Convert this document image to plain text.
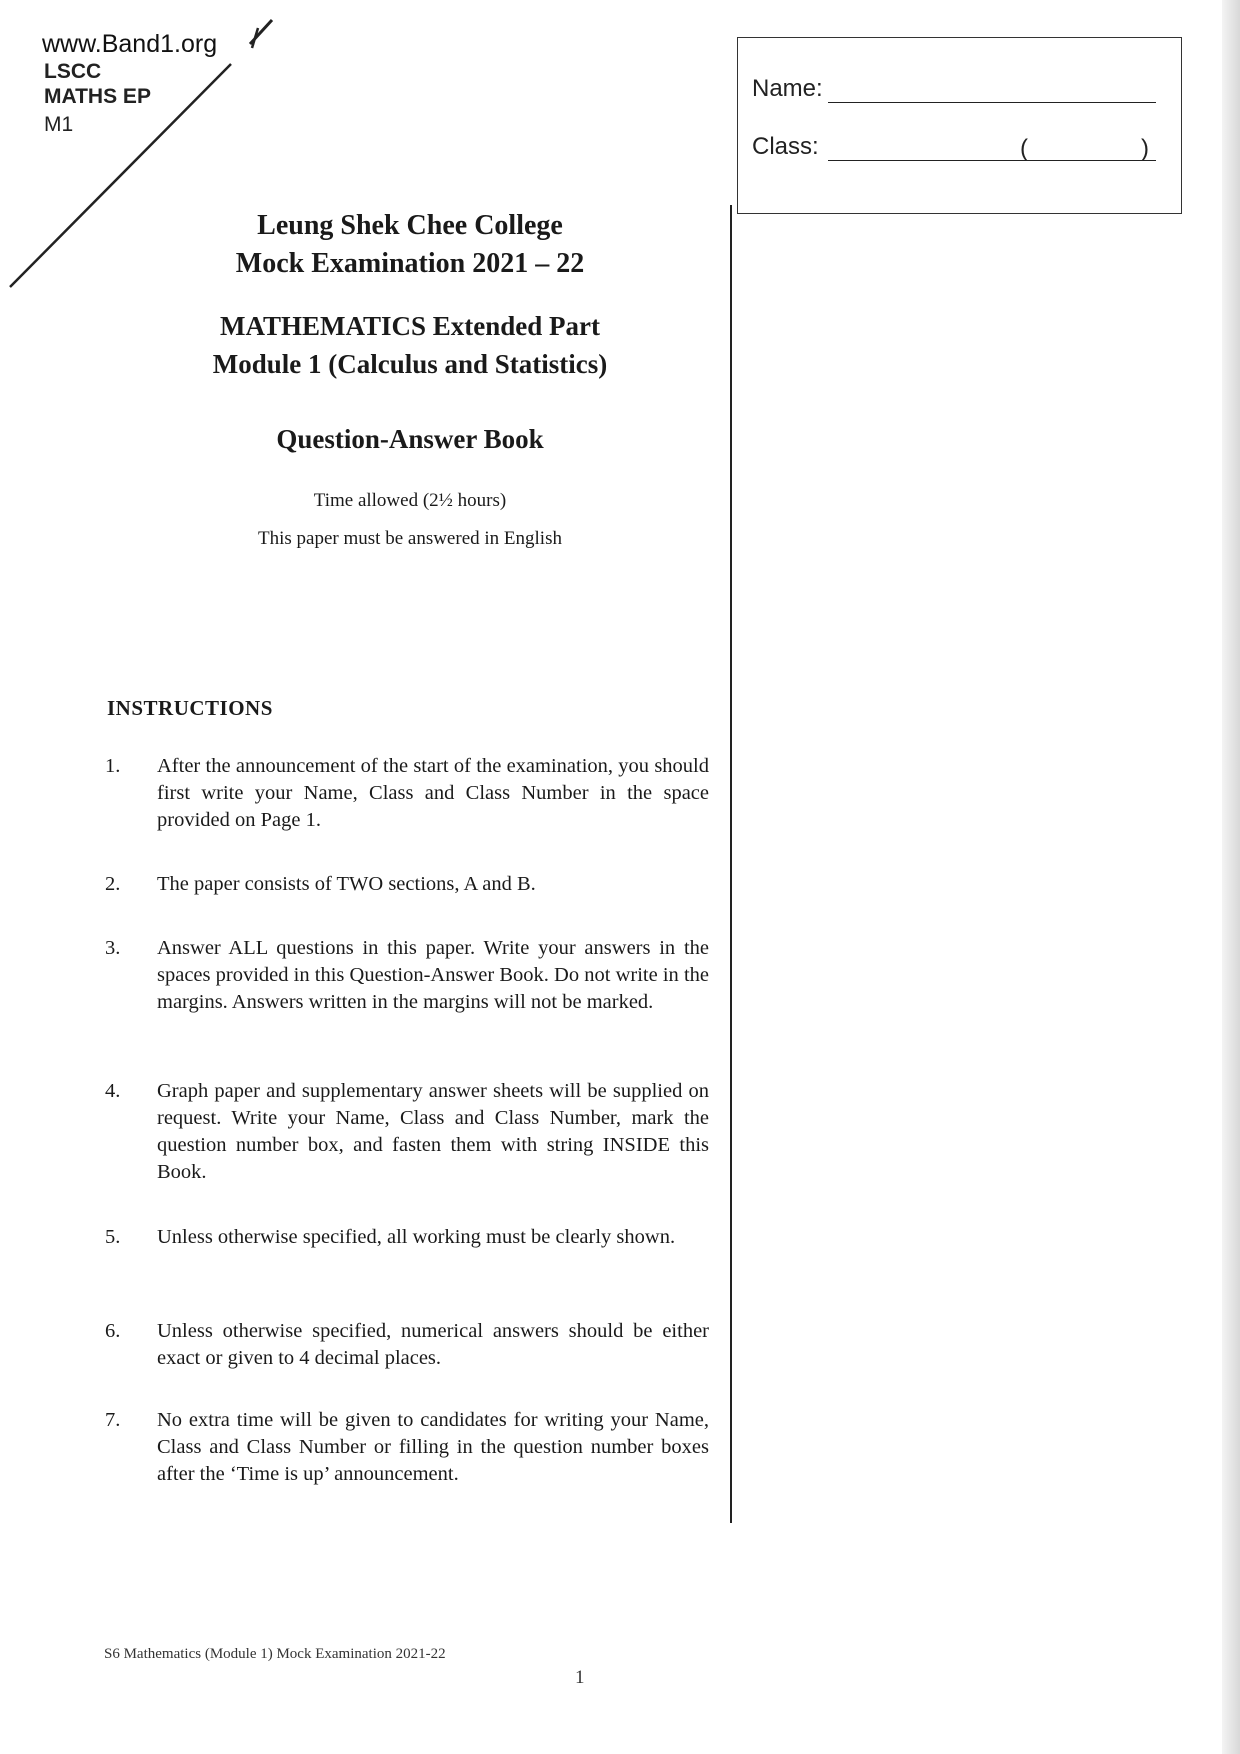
www.Band1.org
LSCC
MATHS EP
M1
Name:
Class:	(	)
Leung Shek Chee College
Mock Examination 2021 – 22
MATHEMATICS Extended Part
Module 1 (Calculus and Statistics)
Question-Answer Book
Time allowed (2½ hours)
This paper must be answered in English
INSTRUCTIONS
1.	After the announcement of the start of the examination, you should first write your Name, Class and Class Number in the space provided on Page 1.
2.	The paper consists of TWO sections, A and B.
3.	Answer ALL questions in this paper. Write your answers in the spaces provided in this Question-Answer Book. Do not write in the margins. Answers written in the margins will not be marked.
4.	Graph paper and supplementary answer sheets will be supplied on request. Write your Name, Class and Class Number, mark the question number box, and fasten them with string INSIDE this Book.
5.	Unless otherwise specified, all working must be clearly shown.
6.	Unless otherwise specified, numerical answers should be either exact or given to 4 decimal places.
7.	No extra time will be given to candidates for writing your Name, Class and Class Number or filling in the question number boxes after the ‘Time is up’ announcement.
S6 Mathematics (Module 1) Mock Examination 2021-22
1
